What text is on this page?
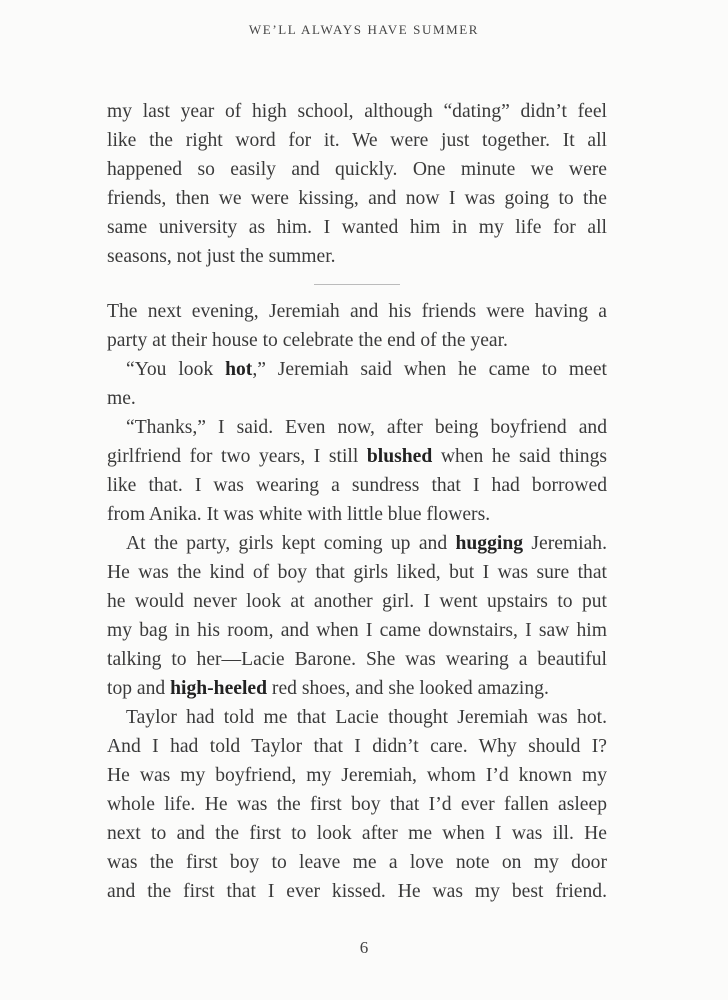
WE’LL ALWAYS HAVE SUMMER
my last year of high school, although “dating” didn’t feel
like the right word for it. We were just together. It all
happened so easily and quickly. One minute we were
friends, then we were kissing, and now I was going to the
same university as him. I wanted him in my life for all
seasons, not just the summer.
The next evening, Jeremiah and his friends were having a
party at their house to celebrate the end of the year.
“You look hot,” Jeremiah said when he came to meet
me.
“Thanks,” I said. Even now, after being boyfriend and
girlfriend for two years, I still blushed when he said things
like that. I was wearing a sundress that I had borrowed
from Anika. It was white with little blue flowers.
At the party, girls kept coming up and hugging Jeremiah.
He was the kind of boy that girls liked, but I was sure that
he would never look at another girl. I went upstairs to put
my bag in his room, and when I came downstairs, I saw him
talking to her—Lacie Barone. She was wearing a beautiful
top and high-heeled red shoes, and she looked amazing.
Taylor had told me that Lacie thought Jeremiah was hot.
And I had told Taylor that I didn’t care. Why should I?
He was my boyfriend, my Jeremiah, whom I’d known my
whole life. He was the first boy that I’d ever fallen asleep
next to and the first to look after me when I was ill. He
was the first boy to leave me a love note on my door
and the first that I ever kissed. He was my best friend.
6
